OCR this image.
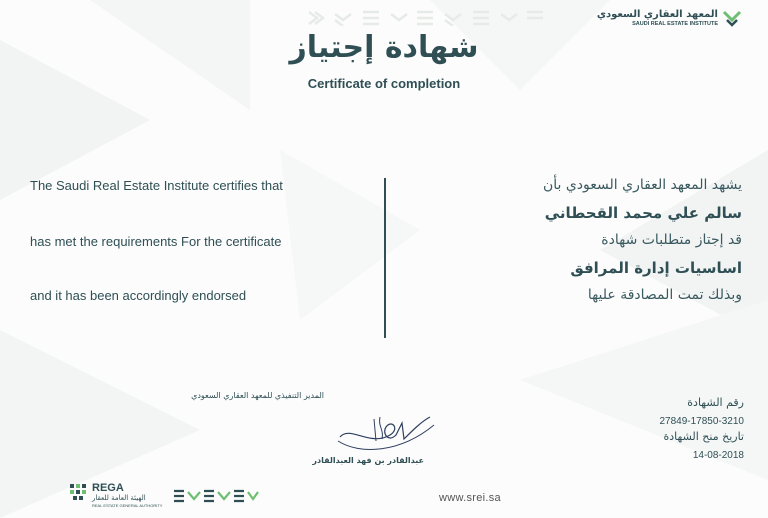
المعهد العقاري السعودي
SAUDI REAL ESTATE INSTITUTE
شهادة إجتياز
Certificate of completion
The Saudi Real Estate Institute certifies that
has met the requirements For the certificate
and it has been accordingly endorsed
يشهد المعهد العقاري السعودي بأن
سالم علي محمد القحطاني
قد إجتاز متطلبات شهادة
اساسيات إدارة المرافق
وبذلك تمت المصادقة عليها
المدير التنفيذي للمعهد العقاري السعودي
عبدالقادر بن فهد العبدالقادر
رقم الشهادة
27849-17850-3210
تاريخ منح الشهادة
14-08-2018
REGA
الهيئة العامة للعقار
REAL ESTATE GENERAL AUTHORITY
www.srei.sa
